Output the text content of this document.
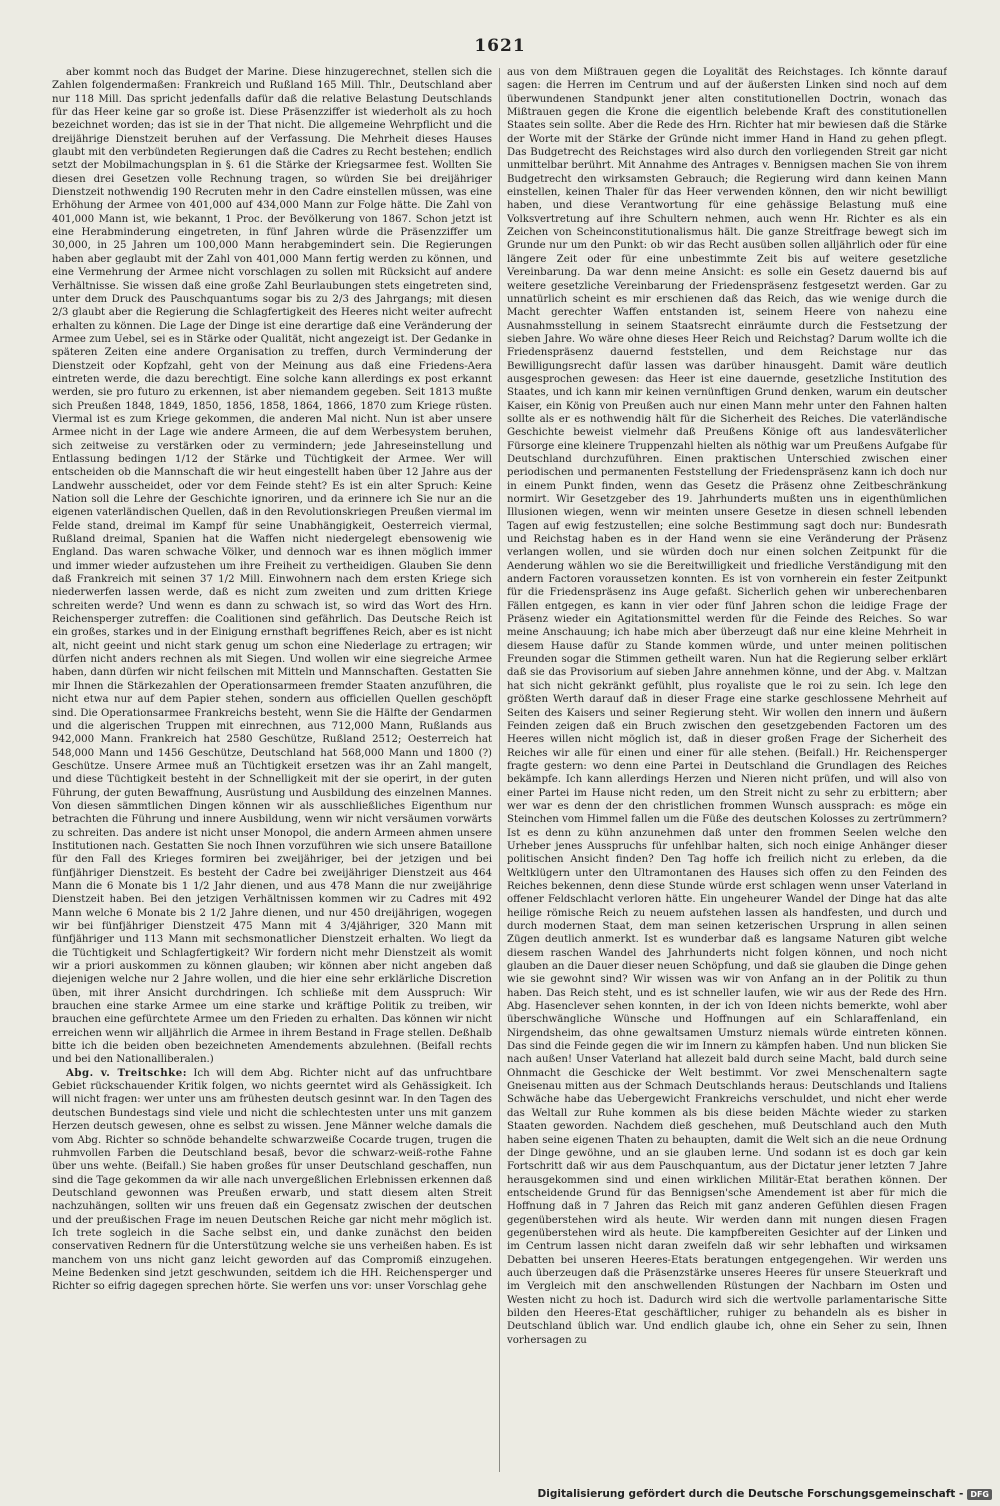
1621

aber kommt noch das Budget der Marine. Diese hinzugerechnet, stellen sich die Zahlen folgendermaßen: Frankreich und Rußland 165 Mill. Thlr., Deutschland aber nur 118 Mill. Das spricht jedenfalls dafür daß die relative Belastung Deutschlands für das Heer keine gar so große ist. Diese Präsenzziffer ist wiederholt als zu hoch bezeichnet worden; das ist sie in der That nicht. Die allgemeine Wehrpflicht und die dreijährige Dienstzeit beruhen auf der Verfassung. Die Mehrheit dieses Hauses glaubt mit den verbündeten Regierungen daß die Cadres zu Recht bestehen; endlich setzt der Mobilmachungsplan in §. 61 die Stärke der Kriegsarmee fest. Wollten Sie diesen drei Gesetzen volle Rechnung tragen, so würden Sie bei dreijähriger Dienstzeit nothwendig 190 Recruten mehr in den Cadre einstellen müssen, was eine Erhöhung der Armee von 401,000 auf 434,000 Mann zur Folge hätte. Die Zahl von 401,000 Mann ist, wie bekannt, 1 Proc. der Bevölkerung von 1867. Schon jetzt ist eine Herabminderung eingetreten, in fünf Jahren würde die Präsenzziffer um 30,000, in 25 Jahren um 100,000 Mann herabgemindert sein. Die Regierungen haben aber geglaubt mit der Zahl von 401,000 Mann fertig werden zu können, und eine Vermehrung der Armee nicht vorschlagen zu sollen mit Rücksicht auf andere Verhältnisse. Sie wissen daß eine große Zahl Beurlaubungen stets eingetreten sind, unter dem Druck des Pauschquantums sogar bis zu 2/3 des Jahrgangs; mit diesen 2/3 glaubt aber die Regierung die Schlagfertigkeit des Heeres nicht weiter aufrecht erhalten zu können. Die Lage der Dinge ist eine derartige daß eine Veränderung der Armee zum Uebel, sei es in Stärke oder Qualität, nicht angezeigt ist. Der Gedanke in späteren Zeiten eine andere Organisation zu treffen, durch Verminderung der Dienstzeit oder Kopfzahl, geht von der Meinung aus daß eine Friedens-Aera eintreten werde, die dazu berechtigt. Eine solche kann allerdings ex post erkannt werden, sie pro futuro zu erkennen, ist aber niemandem gegeben. Seit 1813 mußte sich Preußen 1848, 1849, 1850, 1856, 1858, 1864, 1866, 1870 zum Kriege rüsten. Viermal ist es zum Kriege gekommen, die anderen Mal nicht. Nun ist aber unsere Armee nicht in der Lage wie andere Armeen, die auf dem Werbesystem beruhen, sich zeitweise zu verstärken oder zu vermindern; jede Jahreseinstellung und Entlassung bedingen 1/12 der Stärke und Tüchtigkeit der Armee. Wer will entscheiden ob die Mannschaft die wir heut eingestellt haben über 12 Jahre aus der Landwehr ausscheidet, oder vor dem Feinde steht? Es ist ein alter Spruch: Keine Nation soll die Lehre der Geschichte ignoriren, und da erinnere ich Sie nur an die eigenen vaterländischen Quellen, daß in den Revolutionskriegen Preußen viermal im Felde stand, dreimal im Kampf für seine Unabhängigkeit, Oesterreich viermal, Rußland dreimal, Spanien hat die Waffen nicht niedergelegt ebensowenig wie England. Das waren schwache Völker, und dennoch war es ihnen möglich immer und immer wieder aufzustehen um ihre Freiheit zu vertheidigen. Glauben Sie denn daß Frankreich mit seinen 37 1/2 Mill. Einwohnern nach dem ersten Kriege sich niederwerfen lassen werde, daß es nicht zum zweiten und zum dritten Kriege schreiten werde? Und wenn es dann zu schwach ist, so wird das Wort des Hrn. Reichensperger zutreffen: die Coalitionen sind gefährlich. Das Deutsche Reich ist ein großes, starkes und in der Einigung ernsthaft begriffenes Reich, aber es ist nicht alt, nicht geeint und nicht stark genug um schon eine Niederlage zu ertragen; wir dürfen nicht anders rechnen als mit Siegen. Und wollen wir eine siegreiche Armee haben, dann dürfen wir nicht feilschen mit Mitteln und Mannschaften. Gestatten Sie mir Ihnen die Stärkezahlen der Operationsarmeen fremder Staaten anzuführen, die nicht etwa nur auf dem Papier stehen, sondern aus officiellen Quellen geschöpft sind. Die Operationsarmee Frankreichs besteht, wenn Sie die Hälfte der Gendarmen und die algerischen Truppen mit einrechnen, aus 712,000 Mann, Rußlands aus 942,000 Mann. Frankreich hat 2580 Geschütze, Rußland 2512; Oesterreich hat 548,000 Mann und 1456 Geschütze, Deutschland hat 568,000 Mann und 1800 (?) Geschütze. Unsere Armee muß an Tüchtigkeit ersetzen was ihr an Zahl mangelt, und diese Tüchtigkeit besteht in der Schnelligkeit mit der sie operirt, in der guten Führung, der guten Bewaffnung, Ausrüstung und Ausbildung des einzelnen Mannes. Von diesen sämmtlichen Dingen können wir als ausschließliches Eigenthum nur betrachten die Führung und innere Ausbildung, wenn wir nicht versäumen vorwärts zu schreiten. Das andere ist nicht unser Monopol, die andern Armeen ahmen unsere Institutionen nach. Gestatten Sie noch Ihnen vorzuführen wie sich unsere Bataillone für den Fall des Krieges formiren bei zweijähriger, bei der jetzigen und bei fünfjähriger Dienstzeit. Es besteht der Cadre bei zweijähriger Dienstzeit aus 464 Mann die 6 Monate bis 1 1/2 Jahr dienen, und aus 478 Mann die nur zweijährige Dienstzeit haben. Bei den jetzigen Verhältnissen kommen wir zu Cadres mit 492 Mann welche 6 Monate bis 2 1/2 Jahre dienen, und nur 450 dreijährigen, wogegen wir bei fünfjähriger Dienstzeit 475 Mann mit 4 3/4jähriger, 320 Mann mit fünfjähriger und 113 Mann mit sechsmonatlicher Dienstzeit erhalten. Wo liegt da die Tüchtigkeit und Schlagfertigkeit? Wir fordern nicht mehr Dienstzeit als womit wir a priori auskommen zu können glauben; wir können aber nicht angeben daß diejenigen welche nur 2 Jahre wollen, und die hier eine sehr erklärliche Discretion üben, mit ihrer Ansicht durchdringen. Ich schließe mit dem Ausspruch: Wir brauchen eine starke Armee um eine starke und kräftige Politik zu treiben, wir brauchen eine gefürchtete Armee um den Frieden zu erhalten. Das können wir nicht erreichen wenn wir alljährlich die Armee in ihrem Bestand in Frage stellen. Deßhalb bitte ich die beiden oben bezeichneten Amendements abzulehnen. (Beifall rechts und bei den Nationalliberalen.)

Abg. v. Treitschke: Ich will dem Abg. Richter nicht auf das unfruchtbare Gebiet rückschauender Kritik folgen, wo nichts geerntet wird als Gehässigkeit. Ich will nicht fragen: wer unter uns am frühesten deutsch gesinnt war. In den Tagen des deutschen Bundestags sind viele und nicht die schlechtesten unter uns mit ganzem Herzen deutsch gewesen, ohne es selbst zu wissen. Jene Männer welche damals die vom Abg. Richter so schnöde behandelte schwarzweiße Cocarde trugen, trugen die ruhmvollen Farben die Deutschland besaß, bevor die schwarz-weiß-rothe Fahne über uns wehte. (Beifall.) Sie haben großes für unser Deutschland geschaffen, nun sind die Tage gekommen da wir alle nach unvergeßlichen Erlebnissen erkennen daß Deutschland gewonnen was Preußen erwarb, und statt diesem alten Streit nachzuhängen, sollten wir uns freuen daß ein Gegensatz zwischen der deutschen und der preußischen Frage im neuen Deutschen Reiche gar nicht mehr möglich ist. Ich trete sogleich in die Sache selbst ein, und danke zunächst den beiden conservativen Rednern für die Unterstützung welche sie uns verheißen haben. Es ist manchem von uns nicht ganz leicht geworden auf das Compromiß einzugehen. Meine Bedenken sind jetzt geschwunden, seitdem ich die HH. Reichensperger und Richter so eifrig dagegen sprechen hörte. Sie werfen uns vor: unser Vorschlag gehe

aus von dem Mißtrauen gegen die Loyalität des Reichstages. Ich könnte darauf sagen: die Herren im Centrum und auf der äußersten Linken sind noch auf dem überwundenen Standpunkt jener alten constitutionellen Doctrin, wonach das Mißtrauen gegen die Krone die eigentlich belebende Kraft des constitutionellen Staates sein sollte. Aber die Rede des Hrn. Richter hat mir bewiesen daß die Stärke der Worte mit der Stärke der Gründe nicht immer Hand in Hand zu gehen pflegt. Das Budgetrecht des Reichstages wird also durch den vorliegenden Streit gar nicht unmittelbar berührt. Mit Annahme des Antrages v. Bennigsen machen Sie von ihrem Budgetrecht den wirksamsten Gebrauch; die Regierung wird dann keinen Mann einstellen, keinen Thaler für das Heer verwenden können, den wir nicht bewilligt haben, und diese Verantwortung für eine gehässige Belastung muß eine Volksvertretung auf ihre Schultern nehmen, auch wenn Hr. Richter es als ein Zeichen von Scheinconstitutionalismus hält. Die ganze Streitfrage bewegt sich im Grunde nur um den Punkt: ob wir das Recht ausüben sollen alljährlich oder für eine längere Zeit oder für eine unbestimmte Zeit bis auf weitere gesetzliche Vereinbarung. Da war denn meine Ansicht: es solle ein Gesetz dauernd bis auf weitere gesetzliche Vereinbarung der Friedenspräsenz festgesetzt werden. Gar zu unnatürlich scheint es mir erschienen daß das Reich, das wie wenige durch die Macht gerechter Waffen entstanden ist, seinem Heere von nahezu eine Ausnahmsstellung in seinem Staatsrecht einräumte durch die Festsetzung der sieben Jahre. Wo wäre ohne dieses Heer Reich und Reichstag? Darum wollte ich die Friedenspräsenz dauernd feststellen, und dem Reichstage nur das Bewilligungsrecht dafür lassen was darüber hinausgeht. Damit wäre deutlich ausgesprochen gewesen: das Heer ist eine dauernde, gesetzliche Institution des Staates, und ich kann mir keinen vernünftigen Grund denken, warum ein deutscher Kaiser, ein König von Preußen auch nur einen Mann mehr unter den Fahnen halten sollte als er es nothwendig hält für die Sicherheit des Reiches. Die vaterländische Geschichte beweist vielmehr daß Preußens Könige oft aus landesväterlicher Fürsorge eine kleinere Truppenzahl hielten als nöthig war um Preußens Aufgabe für Deutschland durchzuführen. Einen praktischen Unterschied zwischen einer periodischen und permanenten Feststellung der Friedenspräsenz kann ich doch nur in einem Punkt finden, wenn das Gesetz die Präsenz ohne Zeitbeschränkung normirt. Wir Gesetzgeber des 19. Jahrhunderts mußten uns in eigenthümlichen Illusionen wiegen, wenn wir meinten unsere Gesetze in diesen schnell lebenden Tagen auf ewig festzustellen; eine solche Bestimmung sagt doch nur: Bundesrath und Reichstag haben es in der Hand wenn sie eine Veränderung der Präsenz verlangen wollen, und sie würden doch nur einen solchen Zeitpunkt für die Aenderung wählen wo sie die Bereitwilligkeit und friedliche Verständigung mit den andern Factoren voraussetzen konnten. Es ist von vornherein ein fester Zeitpunkt für die Friedenspräsenz ins Auge gefaßt. Sicherlich gehen wir unberechenbaren Fällen entgegen, es kann in vier oder fünf Jahren schon die leidige Frage der Präsenz wieder ein Agitationsmittel werden für die Feinde des Reiches. So war meine Anschauung; ich habe mich aber überzeugt daß nur eine kleine Mehrheit in diesem Hause dafür zu Stande kommen würde, und unter meinen politischen Freunden sogar die Stimmen getheilt waren. Nun hat die Regierung selber erklärt daß sie das Provisorium auf sieben Jahre annehmen könne, und der Abg. v. Maltzan hat sich nicht gekränkt gefühlt, plus royaliste que le roi zu sein. Ich lege den größten Werth darauf daß in dieser Frage eine starke geschlossene Mehrheit auf Seiten des Kaisers und seiner Regierung steht. Wir wollen den innern und äußern Feinden zeigen daß ein Bruch zwischen den gesetzgebenden Factoren um des Heeres willen nicht möglich ist, daß in dieser großen Frage der Sicherheit des Reiches wir alle für einen und einer für alle stehen. (Beifall.) Hr. Reichensperger fragte gestern: wo denn eine Partei in Deutschland die Grundlagen des Reiches bekämpfe. Ich kann allerdings Herzen und Nieren nicht prüfen, und will also von einer Partei im Hause nicht reden, um den Streit nicht zu sehr zu erbittern; aber wer war es denn der den christlichen frommen Wunsch aussprach: es möge ein Steinchen vom Himmel fallen um die Füße des deutschen Kolosses zu zertrümmern? Ist es denn zu kühn anzunehmen daß unter den frommen Seelen welche den Urheber jenes Ausspruchs für unfehlbar halten, sich noch einige Anhänger dieser politischen Ansicht finden? Den Tag hoffe ich freilich nicht zu erleben, da die Weltklügern unter den Ultramontanen des Hauses sich offen zu den Feinden des Reiches bekennen, denn diese Stunde würde erst schlagen wenn unser Vaterland in offener Feldschlacht verloren hätte. Ein ungeheurer Wandel der Dinge hat das alte heilige römische Reich zu neuem aufstehen lassen als handfesten, und durch und durch modernen Staat, dem man seinen ketzerischen Ursprung in allen seinen Zügen deutlich anmerkt. Ist es wunderbar daß es langsame Naturen gibt welche diesem raschen Wandel des Jahrhunderts nicht folgen können, und noch nicht glauben an die Dauer dieser neuen Schöpfung, und daß sie glauben die Dinge gehen wie sie gewohnt sind? Wir wissen was wir von Anfang an in der Politik zu thun haben. Das Reich steht, und es ist schneller laufen, wie wir aus der Rede des Hrn. Abg. Hasenclever sehen konnten, in der ich von Ideen nichts bemerkte, wohl aber überschwängliche Wünsche und Hoffnungen auf ein Schlaraffenland, ein Nirgendsheim, das ohne gewaltsamen Umsturz niemals würde eintreten können. Das sind die Feinde gegen die wir im Innern zu kämpfen haben. Und nun blicken Sie nach außen! Unser Vaterland hat allezeit bald durch seine Macht, bald durch seine Ohnmacht die Geschicke der Welt bestimmt. Vor zwei Menschenaltern sagte Gneisenau mitten aus der Schmach Deutschlands heraus: Deutschlands und Italiens Schwäche habe das Uebergewicht Frankreichs verschuldet, und nicht eher werde das Weltall zur Ruhe kommen als bis diese beiden Mächte wieder zu starken Staaten geworden. Nachdem dieß geschehen, muß Deutschland auch den Muth haben seine eigenen Thaten zu behaupten, damit die Welt sich an die neue Ordnung der Dinge gewöhne, und an sie glauben lerne. Und sodann ist es doch gar kein Fortschritt daß wir aus dem Pauschquantum, aus der Dictatur jener letzten 7 Jahre herausgekommen sind und einen wirklichen Militär-Etat berathen können. Der entscheidende Grund für das Bennigsen'sche Amendement ist aber für mich die Hoffnung daß in 7 Jahren das Reich mit ganz anderen Gefühlen diesen Fragen gegenüberstehen wird als heute. Wir werden dann mit nungen diesen Fragen gegenüberstehen wird als heute. Die kampfbereiten Gesichter auf der Linken und im Centrum lassen nicht daran zweifeln daß wir sehr lebhaften und wirksamen Debatten bei unseren Heeres-Etats beratungen entgegengehen. Wir werden uns auch überzeugen daß die Präsenzstärke unseres Heeres für unsere Steuerkraft und im Vergleich mit den anschwellenden Rüstungen der Nachbarn im Osten und Westen nicht zu hoch ist. Dadurch wird sich die wertvolle parlamentarische Sitte bilden den Heeres-Etat geschäftlicher, ruhiger zu behandeln als es bisher in Deutschland üblich war. Und endlich glaube ich, ohne ein Seher zu sein, Ihnen vorhersagen zu

Digitalisierung gefördert durch die Deutsche Forschungsgemeinschaft - DFG
